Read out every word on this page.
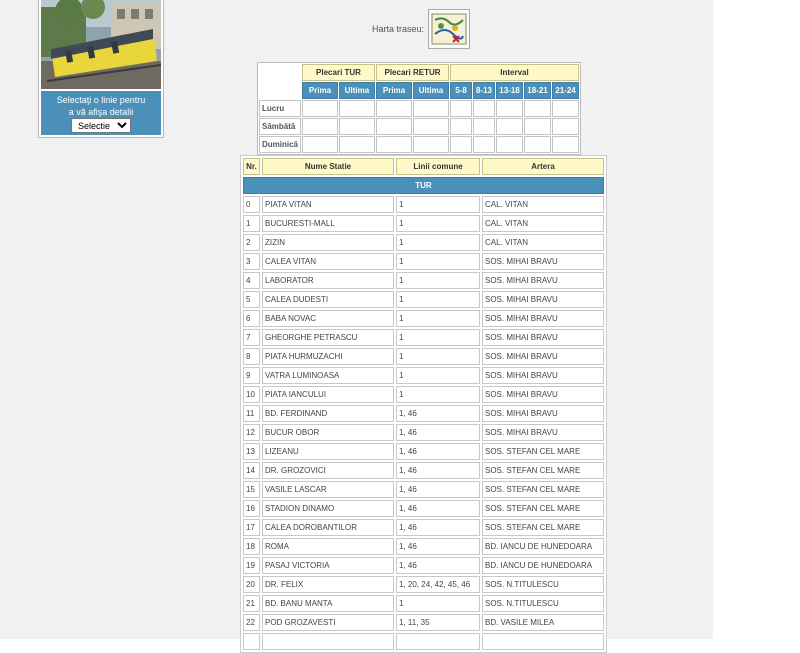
Selectaţi o linie pentru
a vă afişa detalii
Selectie
Harta traseu:
	Plecari TUR		Plecari RETUR		Interval				
	Prima	Ultima	Prima	Ultima	5-8	8-13	13-18	18-21	21-24
Lucru									
Sâmbătă									
Duminică									
Nr.	Nume Statie	Linii comune	Artera
TUR			
0	PIATA VITAN	1	CAL. VITAN
1	BUCURESTI-MALL	1	CAL. VITAN
2	ZIZIN	1	CAL. VITAN
3	CALEA VITAN	1	SOS. MIHAI BRAVU
4	LABORATOR	1	SOS. MIHAI BRAVU
5	CALEA DUDESTI	1	SOS. MIHAI BRAVU
6	BABA NOVAC	1	SOS. MIHAI BRAVU
7	GHEORGHE PETRASCU	1	SOS. MIHAI BRAVU
8	PIATA HURMUZACHI	1	SOS. MIHAI BRAVU
9	VATRA LUMINOASA	1	SOS. MIHAI BRAVU
10	PIATA IANCULUI	1	SOS. MIHAI BRAVU
11	BD. FERDINAND	1, 46	SOS. MIHAI BRAVU
12	BUCUR OBOR	1, 46	SOS. MIHAI BRAVU
13	LIZEANU	1, 46	SOS. STEFAN CEL MARE
14	DR. GROZOVICI	1, 46	SOS. STEFAN CEL MARE
15	VASILE LASCAR	1, 46	SOS. STEFAN CEL MARE
16	STADION DINAMO	1, 46	SOS. STEFAN CEL MARE
17	CALEA DOROBANTILOR	1, 46	SOS. STEFAN CEL MARE
18	ROMA	1, 46	BD. IANCU DE HUNEDOARA
19	PASAJ VICTORIA	1, 46	BD. IANCU DE HUNEDOARA
20	DR. FELIX	1, 20, 24, 42, 45, 46	SOS. N.TITULESCU
21	BD. BANU MANTA	1	SOS. N.TITULESCU
22	POD GROZAVESTI	1, 11, 35	BD. VASILE MILEA
